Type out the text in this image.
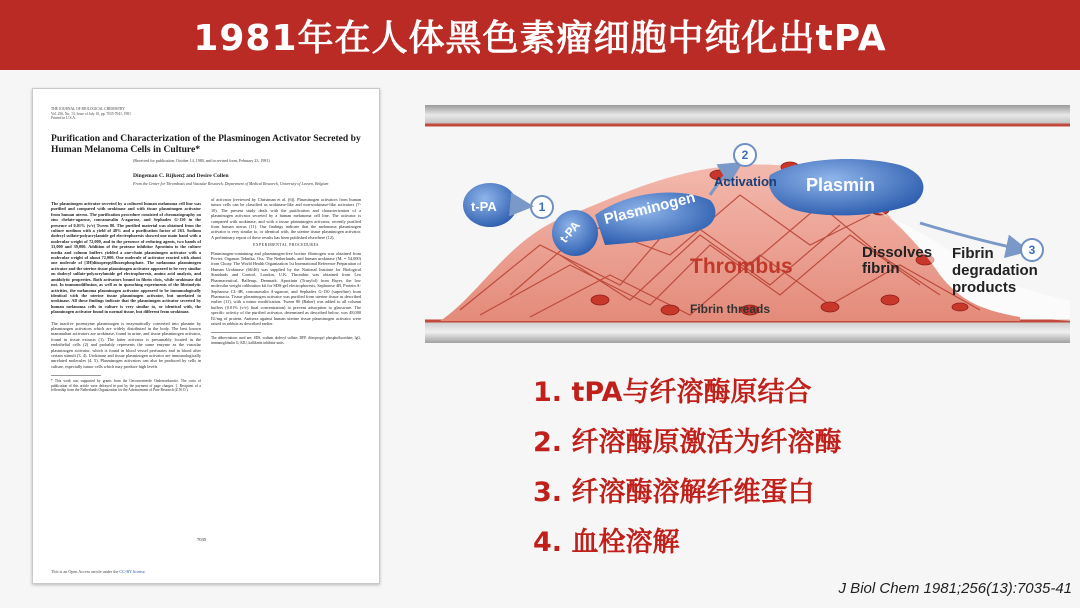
1981年在人体黑色素瘤细胞中纯化出tPA
THE JOURNAL OF BIOLOGICAL CHEMISTRY
Vol. 256, No. 13, Issue of July 10, pp. 7035-7041, 1981
Printed in U.S.A.
Purification and Characterization of the Plasminogen Activator Secreted by Human Melanoma Cells in Culture*
(Received for publication, October 14, 1980, and in revised form, February 23, 1981)
Dingeman C. Rijken‡ and Desire Collen
From the Center for Thrombosis and Vascular Research, Department of Medical Research, University of Leuven, Belgium
The plasminogen activator secreted by a cultured human melanoma cell line was purified and compared with urokinase and with tissue plasminogen activator from human uterus. The purification procedure consisted of chromatography on zinc chelate-agarose, concanavalin A-agarose, and Sephadex G-150 in the presence of 0.01% (v/v) Tween 80. The purified material was obtained from the culture medium with a yield of 48% and a purification factor of 263. Sodium dodecyl sulfate-polyacrylamide gel electrophoresis showed one main band with a molecular weight of 72,000, and in the presence of reducing agents, two bands of 33,000 and 39,000. Addition of the protease inhibitor Aprotinin to the culture media and column buffers yielded a one-chain plasminogen activator with a molecular weight of about 72,000. One molecule of activator reacted with about one molecule of [3H]diisopropylfluorophosphate. The melanoma plasminogen activator and the uterine tissue plasminogen activator appeared to be very similar on dodecyl sulfate-polyacrylamide gel electrophoresis, amino acid analysis, and amidolytic properties. Both activators bound in fibrin clots, while urokinase did not. In immunodiffusion, as well as in quenching experiments of the fibrinolytic activities, the melanoma plasminogen activator appeared to be immunologically identical with the uterine tissue plasminogen activator, but unrelated to urokinase. All these findings indicate that the plasminogen activator secreted by human melanoma cells in culture is very similar to, or identical with, the plasminogen activator found in normal tissue, but different from urokinase.
The inactive proenzyme plasminogen is enzymatically converted into plasmin by plasminogen activators which are widely distributed in the body. The best known mammalian activators are urokinase, found in urine, and tissue plasminogen activator, found in tissue extracts (1). The latter activator is presumably located in the endothelial cells (2) and probably represents the same enzyme as the vascular plasminogen activator, which is found in blood vessel perfusates and in blood after certain stimuli (3, 4). Urokinase and tissue plasminogen activator are immunologically unrelated molecules (4, 5). Plasminogen activators can also be produced by cells in culture, especially tumor cells which may produce high levels
* This work was supported by grants from the Geconcerteerde Onderzoeksactie. The costs of publication of this article were defrayed in part by the payment of page charges. ‡ Recipient of a fellowship from the Netherlands Organization for the Advancement of Pure Research (Z.W.O.).
of activator (reviewed by Christman et al. (6)). Plasminogen activators from human tumor cells can be classified as urokinase-like and non-urokinase-like activators (7-10). The present study deals with the purification and characterization of a plasminogen activator secreted by a human melanoma cell line. The activator is compared with urokinase, and with a tissue plasminogen activator, recently purified from human uterus (11). Our findings indicate that the melanoma plasminogen activator is very similar to, or identical with, the uterine tissue plasminogen activator. A preliminary report of these results has been published elsewhere (12).
EXPERIMENTAL PROCEDURES
Plasminogen-containing and plasminogen-free bovine fibrinogen was obtained from Poviet, Organon Teknika, Oss, The Netherlands, and human urokinase (M, = 54,000) from Choay. The World Health Organization 1st International Reference Preparation of Human Urokinase (66/46) was supplied by the National Institute for Biological Standards and Control, London, U.K. Thrombin was obtained from Leo Pharmaceutical, Ballerup, Denmark. Aprotinin (Trasylol) from Bayer, the low molecular weight calibration kit for SDS-gel electrophoresis, Sepharose 4B, Protein A-Sepharose CL-4B, concanavalin A-agarose, and Sephadex G-150 (superfine) from Pharmacia. Tissue plasminogen activator was purified from uterine tissue as described earlier (11), with a minor modification. Tween 80 (Baker) was added to all column buffers (0.01% (v/v) final concentration) to prevent adsorption to glassware. The specific activity of the purified activator, determined as described below, was 48,000 IU/mg of protein. Antisera against human uterine tissue plasminogen activator were raised in rabbits as described earlier.
The abbreviations used are: SDS, sodium dodecyl sulfate; DFP, diisopropyl phosphofluoridate; IgG, immunoglobulin G; KIU, kallikrein inhibitor units.
7035
This is an Open Access article under the CC-BY license.
1
2
3
t-PA
t-PA
Plasminogen
Activation Plasmin
Thrombus
Dissolves
fibrin
Fibrin
degradation
products
Fibrin threads
1. tPA与纤溶酶原结合
2. 纤溶酶原激活为纤溶酶
3. 纤溶酶溶解纤维蛋白
4. 血栓溶解
J Biol Chem 1981;256(13):7035-41
